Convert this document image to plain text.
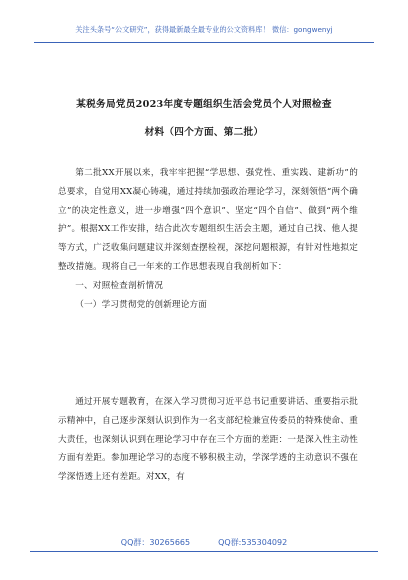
关注头条号“公文研究”，获得最新最全最专业的公文资料库！ 微信：gongwenyj
某税务局党员2023年度专题组织生活会党员个人对照检查
材料（四个方面、第二批）

第二批XX开展以来，我牢牢把握“学思想、强党性、重实践、建新功”的总要求，自觉用XX凝心铸魂，通过持续加强政治理论学习，深刻领悟“两个确立”的决定性意义，进一步增强“四个意识”、坚定“四个自信”、做到“两个维护”。根据XX工作安排，结合此次专题组织生活会主题，通过自己找、他人提等方式，广泛收集问题建议并深刻查摆检视，深挖问题根源，有针对性地拟定整改措施。现将自己一年来的工作思想表现自我剖析如下：

一、对照检查剖析情况

（一）学习贯彻党的创新理论方面

通过开展专题教育，在深入学习贯彻习近平总书记重要讲话、重要指示批示精神中，自己逐步深刻认识到作为一名支部纪检兼宣传委员的特殊使命、重大责任，也深刻认识到在理论学习中存在三个方面的差距：一是深入性主动性方面有差距。参加理论学习的态度不够积极主动，学深学透的主动意识不强在学深悟透上还有差距。对XX，有

QQ群：30265665	QQ群:535304092
